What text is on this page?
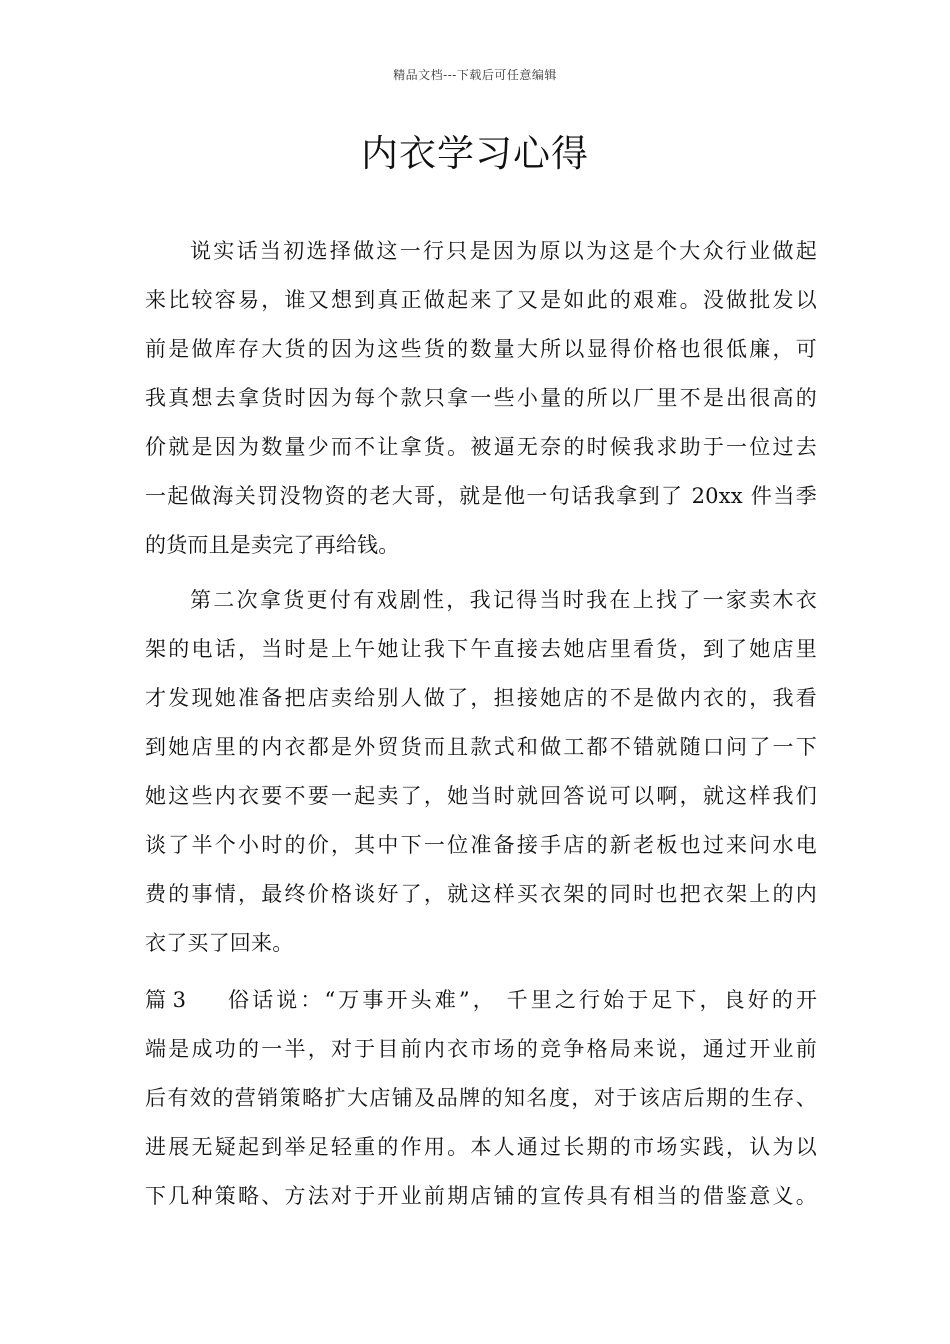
精品文档---下载后可任意编辑
内衣学习心得
说实话当初选择做这一行只是因为原以为这是个大众行业做起
来比较容易，谁又想到真正做起来了又是如此的艰难。没做批发以
前是做库存大货的因为这些货的数量大所以显得价格也很低廉，可
我真想去拿货时因为每个款只拿一些小量的所以厂里不是出很高的
价就是因为数量少而不让拿货。被逼无奈的时候我求助于一位过去
一起做海关罚没物资的老大哥，就是他一句话我拿到了 20xx 件当季
的货而且是卖完了再给钱。
第二次拿货更付有戏剧性，我记得当时我在上找了一家卖木衣
架的电话，当时是上午她让我下午直接去她店里看货，到了她店里
才发现她准备把店卖给别人做了，担接她店的不是做内衣的，我看
到她店里的内衣都是外贸货而且款式和做工都不错就随口问了一下
她这些内衣要不要一起卖了，她当时就回答说可以啊，就这样我们
谈了半个小时的价，其中下一位准备接手店的新老板也过来问水电
费的事情，最终价格谈好了，就这样买衣架的同时也把衣架上的内
衣了买了回来。
篇 3 俗话说：“万事开头难”， 千里之行始于足下，良好的开
端是成功的一半，对于目前内衣市场的竞争格局来说，通过开业前
后有效的营销策略扩大店铺及品牌的知名度，对于该店后期的生存、
进展无疑起到举足轻重的作用。本人通过长期的市场实践，认为以
下几种策略、方法对于开业前期店铺的宣传具有相当的借鉴意义。
